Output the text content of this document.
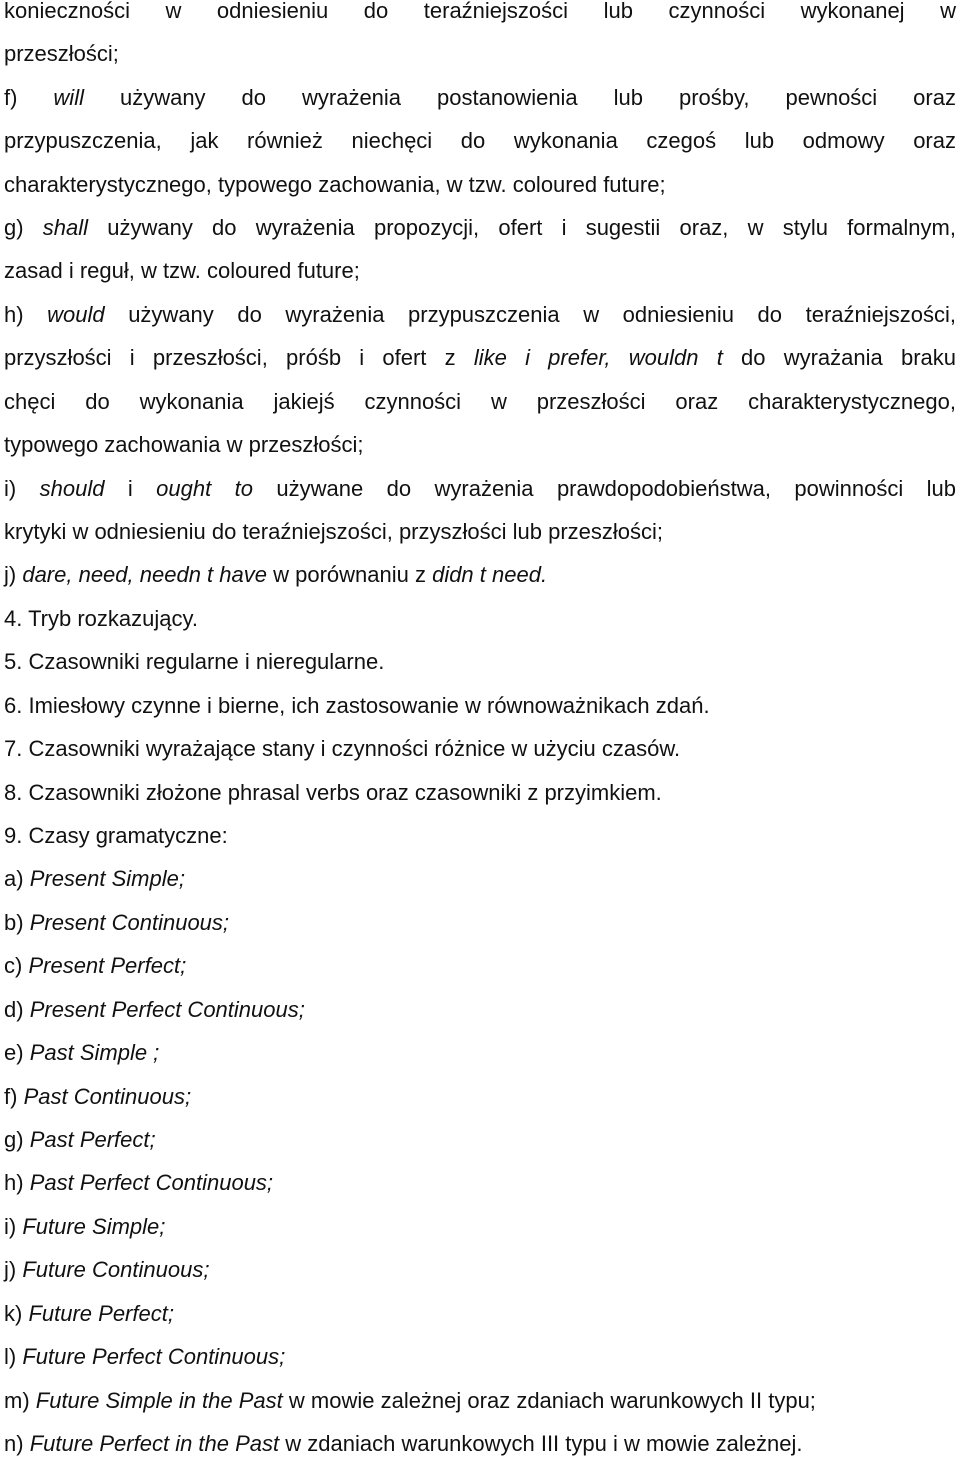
konieczności w odniesieniu do teraźniejszości lub czynności wykonanej w
przeszłości;
f) will używany do wyrażenia postanowienia lub prośby, pewności oraz
przypuszczenia, jak również niechęci do wykonania czegoś lub odmowy oraz
charakterystycznego, typowego zachowania, w tzw. coloured future;
g) shall używany do wyrażenia propozycji, ofert i sugestii oraz, w stylu formalnym,
zasad i reguł, w tzw. coloured future;
h) would używany do wyrażenia przypuszczenia w odniesieniu do teraźniejszości,
przyszłości i przeszłości, próśb i ofert z like i prefer, wouldn t do wyrażania braku
chęci do wykonania jakiejś czynności w przeszłości oraz charakterystycznego,
typowego zachowania w przeszłości;
i) should i ought to używane do wyrażenia prawdopodobieństwa, powinności lub
krytyki w odniesieniu do teraźniejszości, przyszłości lub przeszłości;
j) dare, need, needn t have w porównaniu z didn t need.
4. Tryb rozkazujący.
5. Czasowniki regularne i nieregularne.
6. Imiesłowy czynne i bierne, ich zastosowanie w równoważnikach zdań.
7. Czasowniki wyrażające stany i czynności różnice w użyciu czasów.
8. Czasowniki złożone phrasal verbs oraz czasowniki z przyimkiem.
9. Czasy gramatyczne:
a) Present Simple;
b) Present Continuous;
c) Present Perfect;
d) Present Perfect Continuous;
e) Past Simple ;
f) Past Continuous;
g) Past Perfect;
h) Past Perfect Continuous;
i) Future Simple;
j) Future Continuous;
k) Future Perfect;
l) Future Perfect Continuous;
m) Future Simple in the Past w mowie zależnej oraz zdaniach warunkowych II typu;
n) Future Perfect in the Past w zdaniach warunkowych III typu i w mowie zależnej.
